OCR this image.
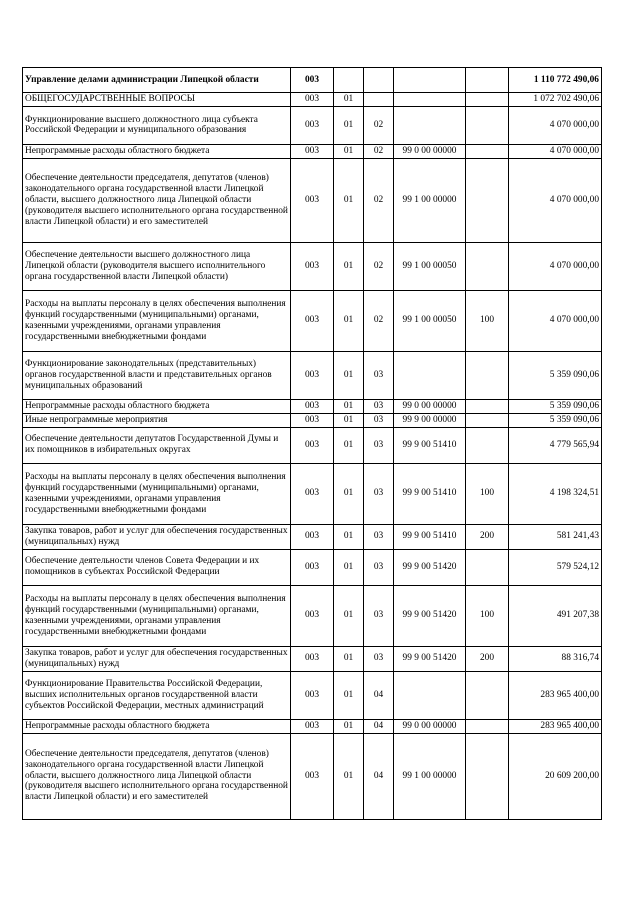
Управление делами администрации Липецкой области	003					1 110 772 490,06
ОБЩЕГОСУДАРСТВЕННЫЕ ВОПРОСЫ	003	01				1 072 702 490,06
Функционирование высшего должностного лица субъекта Российской Федерации и муниципального образования	003	01	02			4 070 000,00
Непрограммные расходы областного бюджета	003	01	02	99 0 00 00000		4 070 000,00
Обеспечение деятельности председателя, депутатов (членов) законодательного органа государственной власти Липецкой области, высшего должностного лица Липецкой области (руководителя высшего исполнительного органа государственной власти Липецкой области) и его заместителей	003	01	02	99 1 00 00000		4 070 000,00
Обеспечение деятельности высшего должностного лица Липецкой области (руководителя высшего исполнительного органа государственной власти Липецкой области)	003	01	02	99 1 00 00050		4 070 000,00
Расходы на выплаты персоналу в целях обеспечения выполнения функций государственными (муниципальными) органами, казенными учреждениями, органами управления государственными внебюджетными фондами	003	01	02	99 1 00 00050	100	4 070 000,00
Функционирование законодательных (представительных) органов государственной власти и представительных органов муниципальных образований	003	01	03			5 359 090,06
Непрограммные расходы областного бюджета	003	01	03	99 0 00 00000		5 359 090,06
Иные непрограммные мероприятия	003	01	03	99 9 00 00000		5 359 090,06
Обеспечение деятельности депутатов Государственной Думы и их помощников в избирательных округах	003	01	03	99 9 00 51410		4 779 565,94
Расходы на выплаты персоналу в целях обеспечения выполнения функций государственными (муниципальными) органами, казенными учреждениями, органами управления государственными внебюджетными фондами	003	01	03	99 9 00 51410	100	4 198 324,51
Закупка товаров, работ и услуг для обеспечения государственных (муниципальных) нужд	003	01	03	99 9 00 51410	200	581 241,43
Обеспечение деятельности членов Совета Федерации и их помощников в субъектах Российской Федерации	003	01	03	99 9 00 51420		579 524,12
Расходы на выплаты персоналу в целях обеспечения выполнения функций государственными (муниципальными) органами, казенными учреждениями, органами управления государственными внебюджетными фондами	003	01	03	99 9 00 51420	100	491 207,38
Закупка товаров, работ и услуг для обеспечения государственных (муниципальных) нужд	003	01	03	99 9 00 51420	200	88 316,74
Функционирование Правительства Российской Федерации, высших исполнительных органов государственной власти субъектов Российской Федерации, местных администраций	003	01	04			283 965 400,00
Непрограммные расходы областного бюджета	003	01	04	99 0 00 00000		283 965 400,00
Обеспечение деятельности председателя, депутатов (членов) законодательного органа государственной власти Липецкой области, высшего должностного лица Липецкой области (руководителя высшего исполнительного органа государственной власти Липецкой области) и его заместителей	003	01	04	99 1 00 00000		20 609 200,00
